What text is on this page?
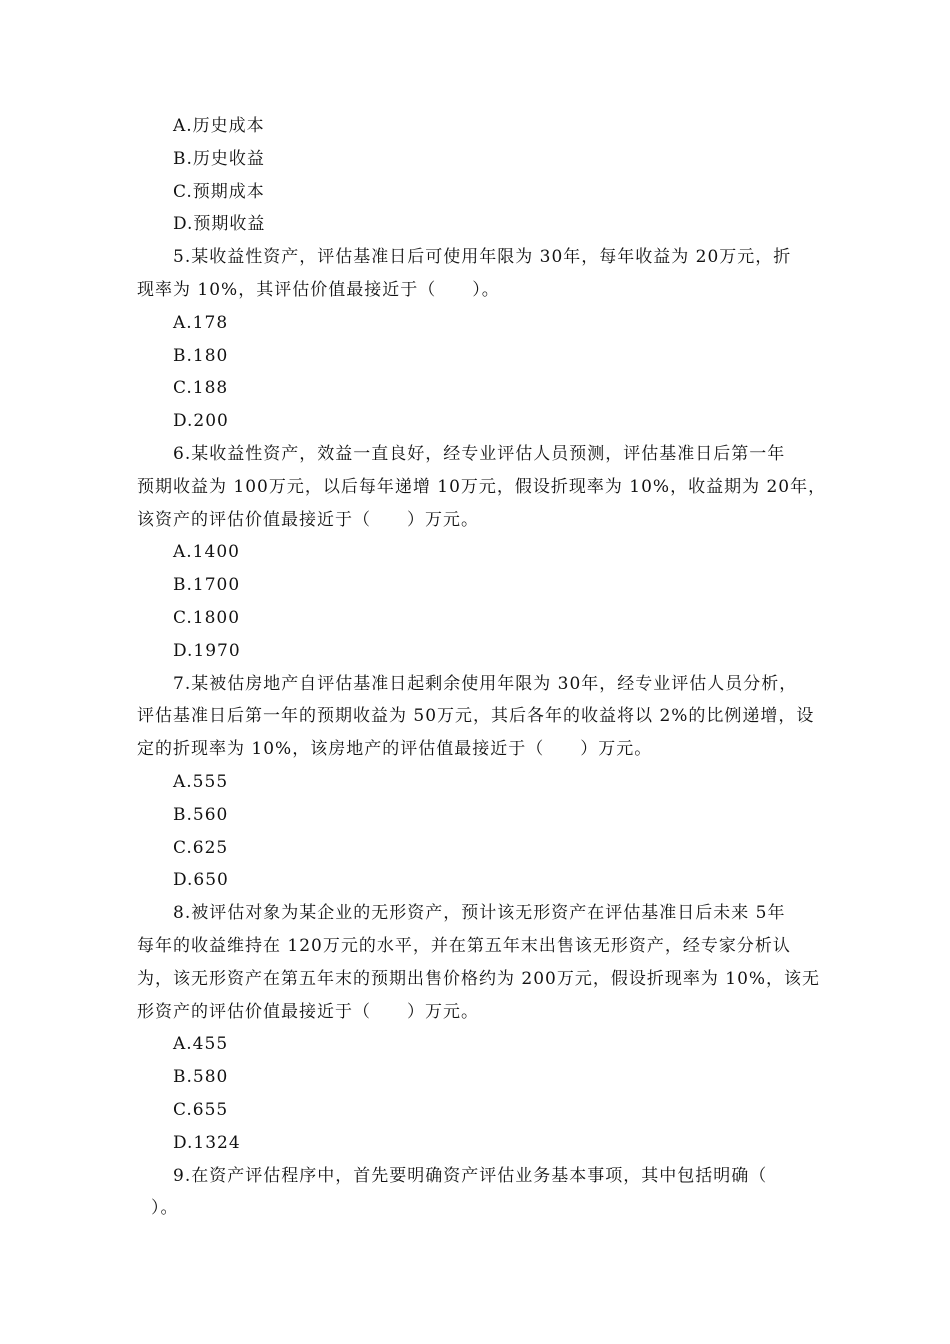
A.历史成本
B.历史收益
C.预期成本
D.预期收益
5.某收益性资产，评估基准日后可使用年限为 30年，每年收益为 20万元，折
现率为 10%，其评估价值最接近于（　　）。
A.178
B.180
C.188
D.200
6.某收益性资产，效益一直良好，经专业评估人员预测，评估基准日后第一年
预期收益为 100万元，以后每年递增 10万元，假设折现率为 10%，收益期为 20年，
该资产的评估价值最接近于（　　）万元。
A.1400
B.1700
C.1800
D.1970
7.某被估房地产自评估基准日起剩余使用年限为 30年，经专业评估人员分析，
评估基准日后第一年的预期收益为 50万元，其后各年的收益将以 2%的比例递增，设
定的折现率为 10%，该房地产的评估值最接近于（　　）万元。
A.555
B.560
C.625
D.650
8.被评估对象为某企业的无形资产，预计该无形资产在评估基准日后未来 5年
每年的收益维持在 120万元的水平，并在第五年末出售该无形资产，经专家分析认
为，该无形资产在第五年末的预期出售价格约为 200万元，假设折现率为 10%，该无
形资产的评估价值最接近于（　　）万元。
A.455
B.580
C.655
D.1324
9.在资产评估程序中，首先要明确资产评估业务基本事项，其中包括明确（
）。
